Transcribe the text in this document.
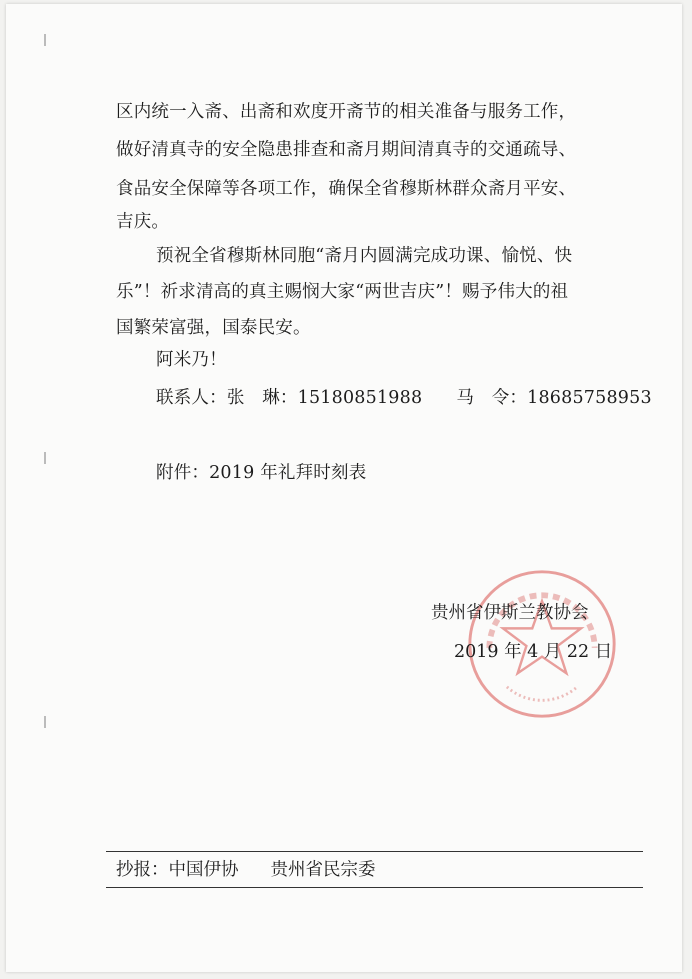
区内统一入斋、出斋和欢度开斋节的相关准备与服务工作，
做好清真寺的安全隐患排查和斋月期间清真寺的交通疏导、
食品安全保障等各项工作，确保全省穆斯林群众斋月平安、
吉庆。
预祝全省穆斯林同胞“斋月内圆满完成功课、愉悦、快
乐”！祈求清高的真主赐悯大家“两世吉庆”！赐予伟大的祖
国繁荣富强，国泰民安。
阿米乃！
联系人：张　琳：15180851988 马　令：18685758953
附件：2019 年礼拜时刻表
贵州省伊斯兰教协会
2019 年 4 月 22 日
抄报：中国伊协 贵州省民宗委
